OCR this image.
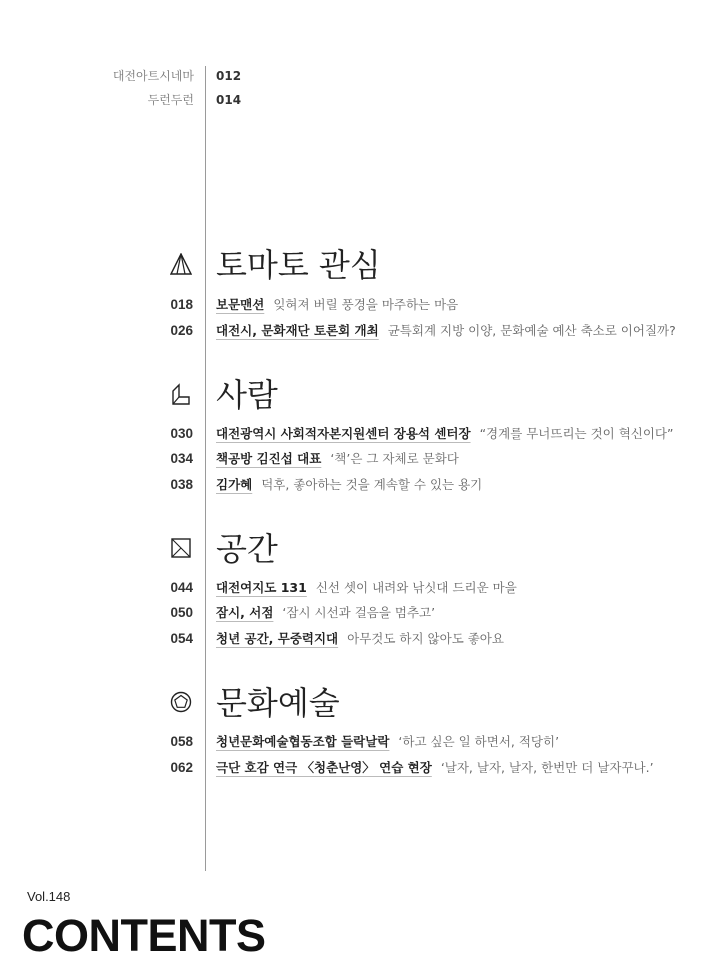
대전아트시네마 012
두런두런 014
토마토 관심
018 보문맨션 잊혀져 버릴 풍경을 마주하는 마음
026 대전시, 문화재단 토론회 개최 균특회계 지방 이양, 문화예술 예산 축소로 이어질까?
사람
030 대전광역시 사회적자본지원센터 장용석 센터장 “경계를 무너뜨리는 것이 혁신이다”
034 책공방 김진섭 대표 ‘책’은 그 자체로 문화다
038 김가혜 덕후, 좋아하는 것을 계속할 수 있는 용기
공간
044 대전여지도 131 신선 셋이 내려와 낚싯대 드리운 마을
050 잠시, 서점 ‘잠시 시선과 걸음을 멈추고’
054 청년 공간, 무중력지대 아무것도 하지 않아도 좋아요
문화예술
058 청년문화예술협동조합 들락날락 ‘하고 싶은 일 하면서, 적당히’
062 극단 호감 연극 〈청춘난영〉 연습 현장 ‘날자, 날자, 날자, 한번만 더 날자꾸나.’
Vol.148
CONTENTS
